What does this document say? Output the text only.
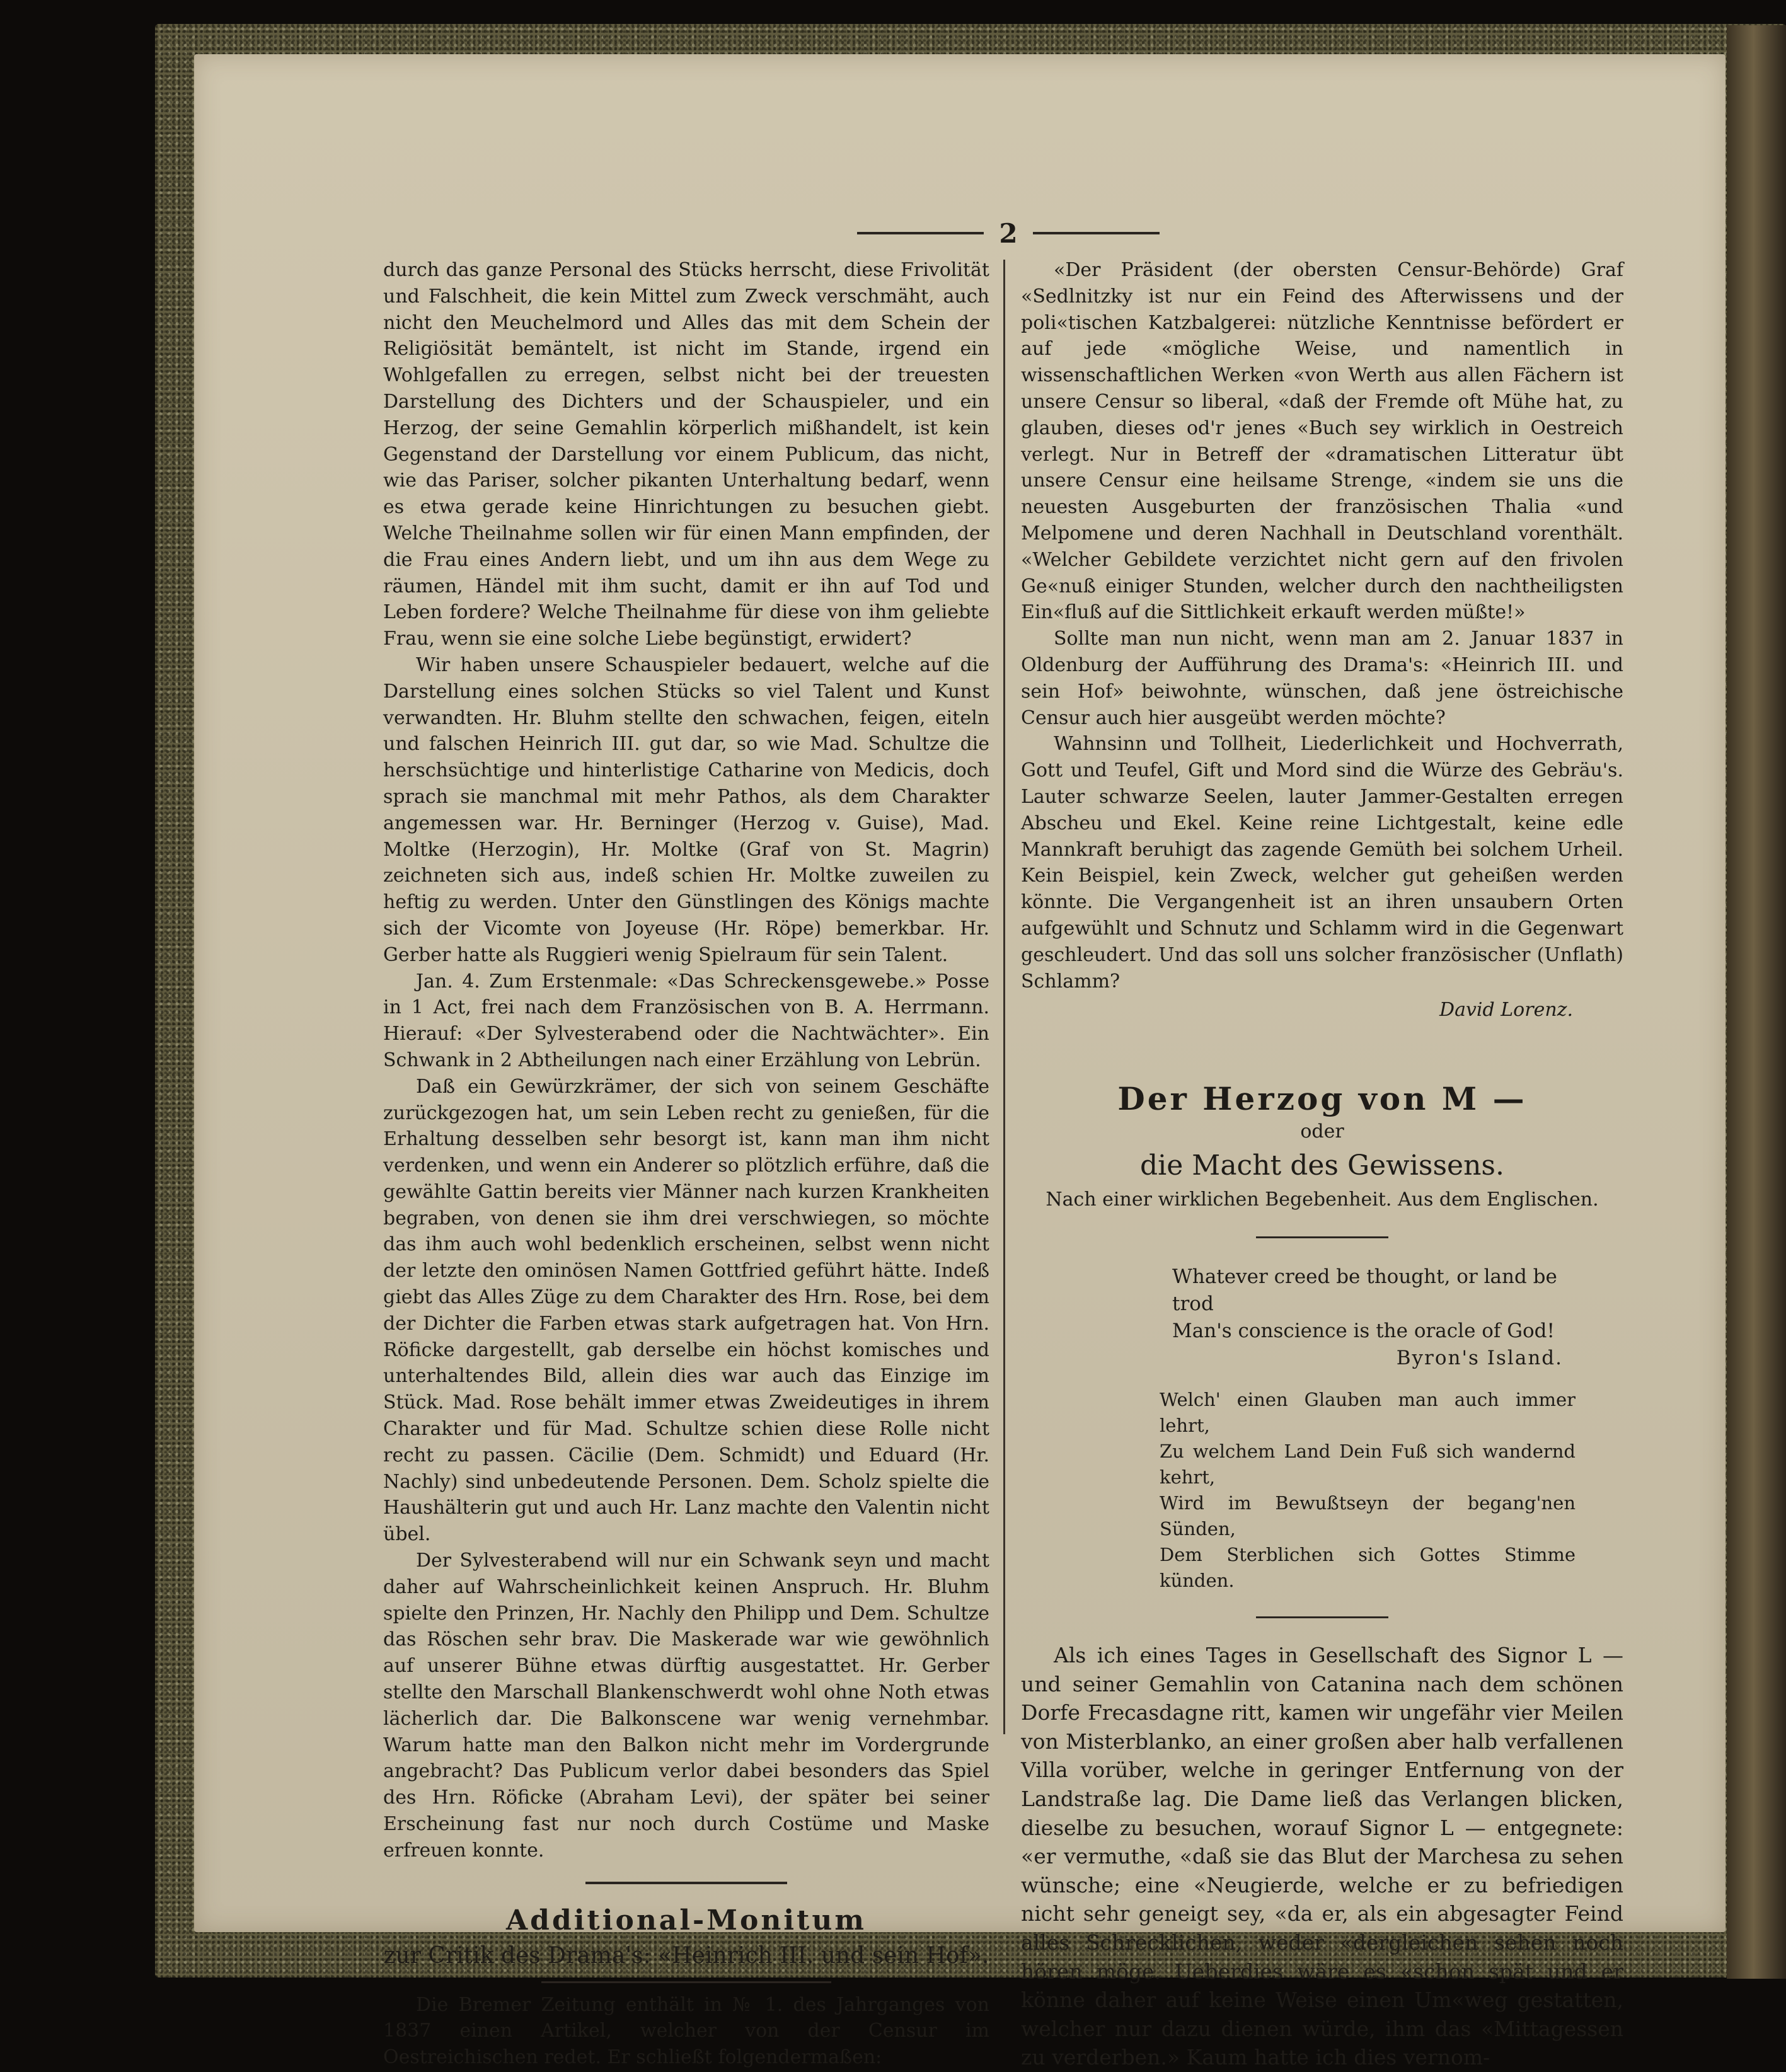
2

durch das ganze Personal des Stücks herrscht, diese Frivolität und Falschheit, die kein Mittel zum Zweck verschmäht, auch nicht den Meuchelmord und Alles das mit dem Schein der Religiösität bemäntelt, ist nicht im Stande, irgend ein Wohlgefallen zu erregen, selbst nicht bei der treuesten Darstellung des Dichters und der Schauspieler, und ein Herzog, der seine Gemahlin körperlich mißhandelt, ist kein Gegenstand der Darstellung vor einem Publicum, das nicht, wie das Pariser, solcher pikanten Unterhaltung bedarf, wenn es etwa gerade keine Hinrichtungen zu besuchen giebt. Welche Theilnahme sollen wir für einen Mann empfinden, der die Frau eines Andern liebt, und um ihn aus dem Wege zu räumen, Händel mit ihm sucht, damit er ihn auf Tod und Leben fordere? Welche Theilnahme für diese von ihm geliebte Frau, wenn sie eine solche Liebe begünstigt, erwidert?

Wir haben unsere Schauspieler bedauert, welche auf die Darstellung eines solchen Stücks so viel Talent und Kunst verwandten. Hr. Bluhm stellte den schwachen, feigen, eiteln und falschen Heinrich III. gut dar, so wie Mad. Schultze die herschsüchtige und hinterlistige Catharine von Medicis, doch sprach sie manchmal mit mehr Pathos, als dem Charakter angemessen war. Hr. Berninger (Herzog v. Guise), Mad. Moltke (Herzogin), Hr. Moltke (Graf von St. Magrin) zeichneten sich aus, indeß schien Hr. Moltke zuweilen zu heftig zu werden. Unter den Günstlingen des Königs machte sich der Vicomte von Joyeuse (Hr. Röpe) bemerkbar. Hr. Gerber hatte als Ruggieri wenig Spielraum für sein Talent.

Jan. 4. Zum Erstenmale: «Das Schreckensgewebe.» Posse in 1 Act, frei nach dem Französischen von B. A. Herrmann. Hierauf: «Der Sylvesterabend oder die Nachtwächter». Ein Schwank in 2 Abtheilungen nach einer Erzählung von Lebrün.

Daß ein Gewürzkrämer, der sich von seinem Geschäfte zurückgezogen hat, um sein Leben recht zu genießen, für die Erhaltung desselben sehr besorgt ist, kann man ihm nicht verdenken, und wenn ein Anderer so plötzlich erführe, daß die gewählte Gattin bereits vier Männer nach kurzen Krankheiten begraben, von denen sie ihm drei verschwiegen, so möchte das ihm auch wohl bedenklich erscheinen, selbst wenn nicht der letzte den ominösen Namen Gottfried geführt hätte. Indeß giebt das Alles Züge zu dem Charakter des Hrn. Rose, bei dem der Dichter die Farben etwas stark aufgetragen hat. Von Hrn. Röficke dargestellt, gab derselbe ein höchst komisches und unterhaltendes Bild, allein dies war auch das Einzige im Stück. Mad. Rose behält immer etwas Zweideutiges in ihrem Charakter und für Mad. Schultze schien diese Rolle nicht recht zu passen. Cäcilie (Dem. Schmidt) und Eduard (Hr. Nachly) sind unbedeutende Personen. Dem. Scholz spielte die Haushälterin gut und auch Hr. Lanz machte den Valentin nicht übel.

Der Sylvesterabend will nur ein Schwank seyn und macht daher auf Wahrscheinlichkeit keinen Anspruch. Hr. Bluhm spielte den Prinzen, Hr. Nachly den Philipp und Dem. Schultze das Röschen sehr brav. Die Maskerade war wie gewöhnlich auf unserer Bühne etwas dürftig ausgestattet. Hr. Gerber stellte den Marschall Blankenschwerdt wohl ohne Noth etwas lächerlich dar. Die Balkonscene war wenig vernehmbar. Warum hatte man den Balkon nicht mehr im Vordergrunde angebracht? Das Publicum verlor dabei besonders das Spiel des Hrn. Röficke (Abraham Levi), der später bei seiner Erscheinung fast nur noch durch Costüme und Maske erfreuen konnte.

Additional-Monitum

zur Critik des Drama's: «Heinrich III. und sein Hof».

Die Bremer Zeitung enthält in № 1. des Jahrganges von 1837 einen Artikel, welcher von der Censur im Oestreichischen redet. Er schließt folgendermaßen:

«Der Präsident (der obersten Censur-Behörde) Graf «Sedlnitzky ist nur ein Feind des Afterwissens und der poli«tischen Katzbalgerei: nützliche Kenntnisse befördert er auf jede «mögliche Weise, und namentlich in wissenschaftlichen Werken «von Werth aus allen Fächern ist unsere Censur so liberal, «daß der Fremde oft Mühe hat, zu glauben, dieses od'r jenes «Buch sey wirklich in Oestreich verlegt. Nur in Betreff der «dramatischen Litteratur übt unsere Censur eine heilsame Strenge, «indem sie uns die neuesten Ausgeburten der französischen Thalia «und Melpomene und deren Nachhall in Deutschland vorenthält. «Welcher Gebildete verzichtet nicht gern auf den frivolen Ge«nuß einiger Stunden, welcher durch den nachtheiligsten Ein«fluß auf die Sittlichkeit erkauft werden müßte!»

Sollte man nun nicht, wenn man am 2. Januar 1837 in Oldenburg der Aufführung des Drama's: «Heinrich III. und sein Hof» beiwohnte, wünschen, daß jene östreichische Censur auch hier ausgeübt werden möchte?

Wahnsinn und Tollheit, Liederlichkeit und Hochverrath, Gott und Teufel, Gift und Mord sind die Würze des Gebräu's. Lauter schwarze Seelen, lauter Jammer-Gestalten erregen Abscheu und Ekel. Keine reine Lichtgestalt, keine edle Mannkraft beruhigt das zagende Gemüth bei solchem Urheil. Kein Beispiel, kein Zweck, welcher gut geheißen werden könnte. Die Vergangenheit ist an ihren unsaubern Orten aufgewühlt und Schnutz und Schlamm wird in die Gegenwart geschleudert. Und das soll uns solcher französischer (Unflath) Schlamm?

David Lorenz.

Der Herzog von M —

oder

die Macht des Gewissens.

Nach einer wirklichen Begebenheit. Aus dem Englischen.

Whatever creed be thought, or land be trod
Man's conscience is the oracle of God!
Byron's Island.
Welch' einen Glauben man auch immer lehrt,
Zu welchem Land Dein Fuß sich wandernd kehrt,
Wird im Bewußtseyn der begang'nen Sünden,
Dem Sterblichen sich Gottes Stimme künden.

Als ich eines Tages in Gesellschaft des Signor L — und seiner Gemahlin von Catanina nach dem schönen Dorfe Frecasdagne ritt, kamen wir ungefähr vier Meilen von Misterblanko, an einer großen aber halb verfallenen Villa vorüber, welche in geringer Entfernung von der Landstraße lag. Die Dame ließ das Verlangen blicken, dieselbe zu besuchen, worauf Signor L — entgegnete: «er vermuthe, «daß sie das Blut der Marchesa zu sehen wünsche; eine «Neugierde, welche er zu befriedigen nicht sehr geneigt sey, «da er, als ein abgesagter Feind alles Schrecklichen, weder «dergleichen sehen noch hören möge. Ueberdies wäre es «schon spät und er könne daher auf keine Weise einen Um«weg gestatten, welcher nur dazu dienen würde, ihm das «Mittagessen zu verderben.» Kaum hatte ich dies vernom-
